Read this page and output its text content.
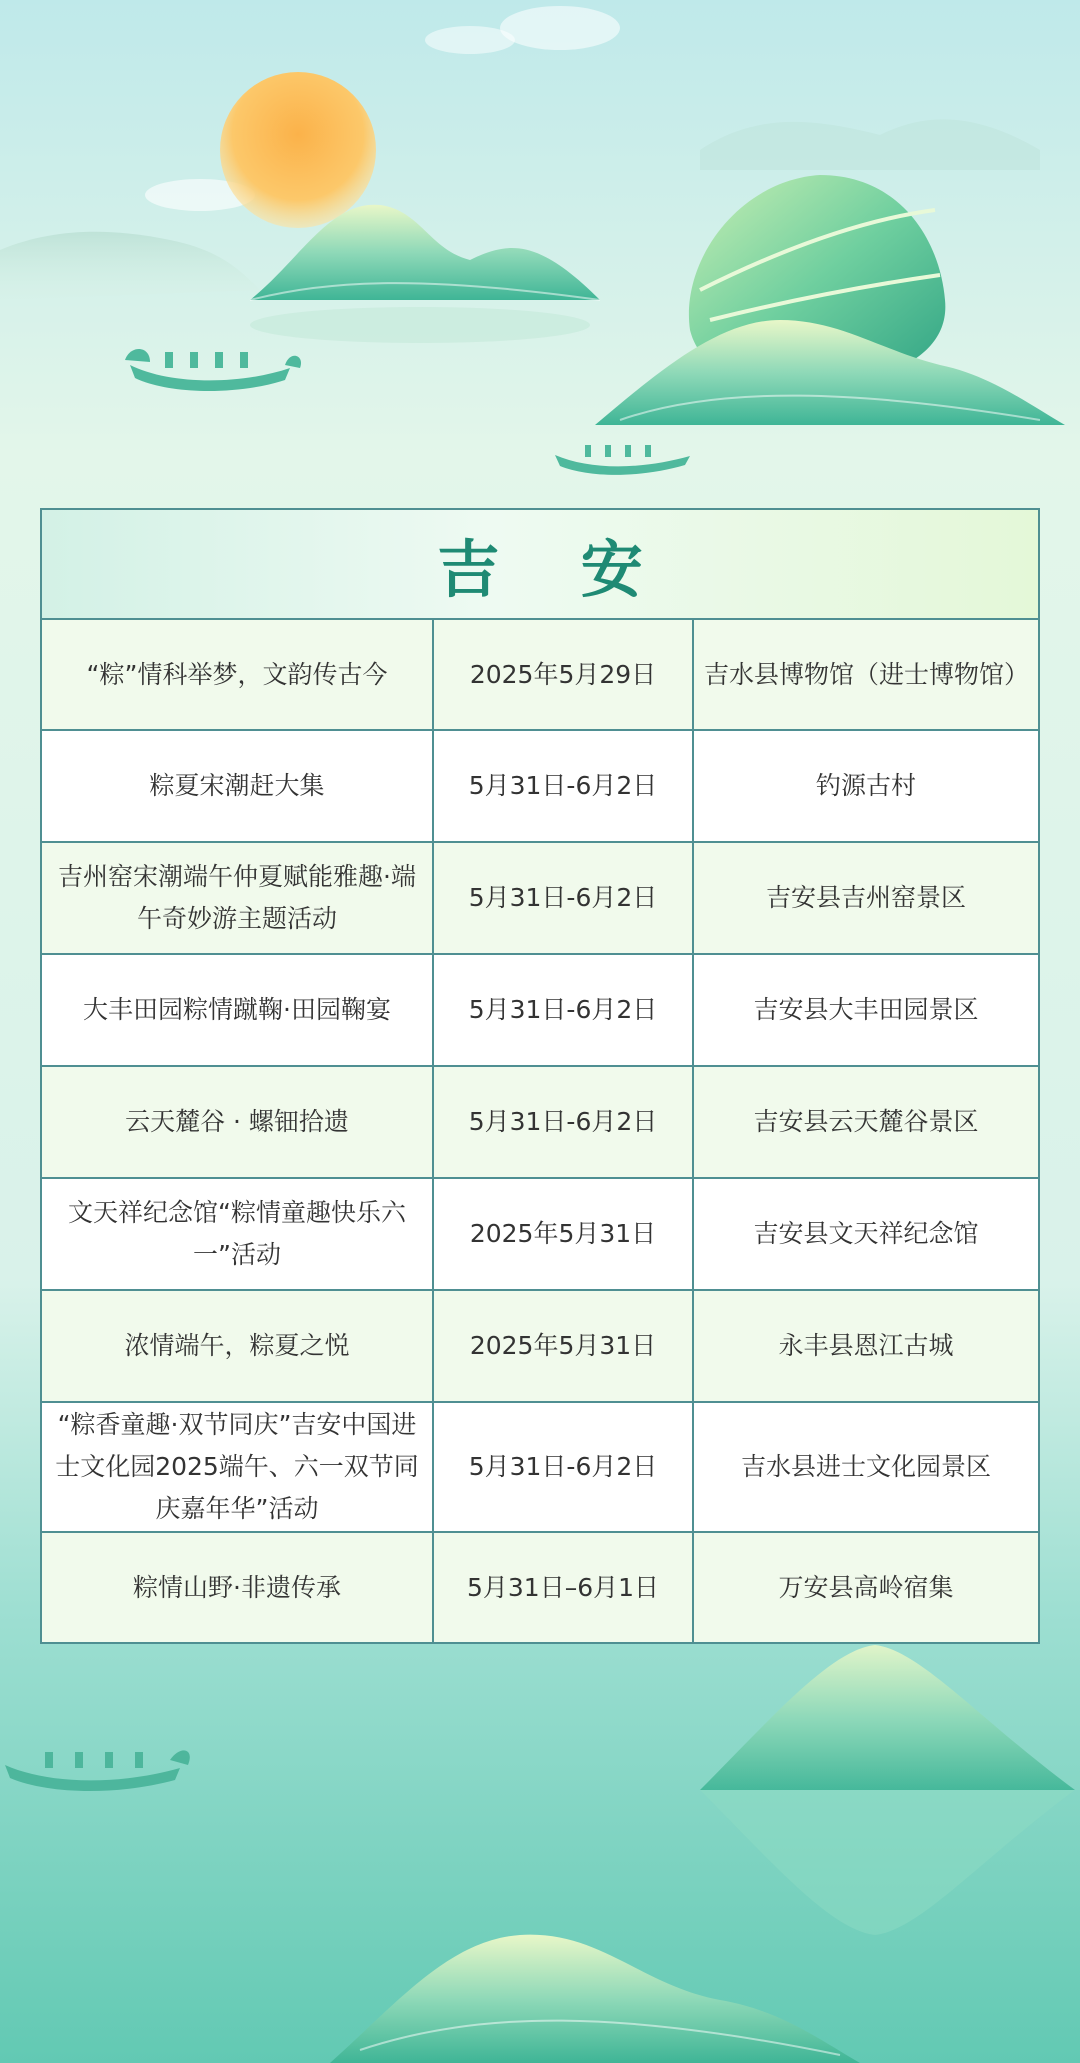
吉 安
“粽”情科举梦，文韵传古今	2025年5月29日	吉水县博物馆（进士博物馆）
粽夏宋潮赶大集	5月31日-6月2日	钓源古村
吉州窑宋潮端午仲夏赋能雅趣·端午奇妙游主题活动	5月31日-6月2日	吉安县吉州窑景区
大丰田园粽情蹴鞠·田园鞠宴	5月31日-6月2日	吉安县大丰田园景区
云天麓谷 · 螺钿拾遗	5月31日-6月2日	吉安县云天麓谷景区
文天祥纪念馆“粽情童趣快乐六一”活动	2025年5月31日	吉安县文天祥纪念馆
浓情端午，粽夏之悦	2025年5月31日	永丰县恩江古城
“粽香童趣·双节同庆”吉安中国进士文化园2025端午、六一双节同庆嘉年华”活动	5月31日-6月2日	吉水县进士文化园景区
粽情山野·非遗传承	5月31日–6月1日	万安县高岭宿集
